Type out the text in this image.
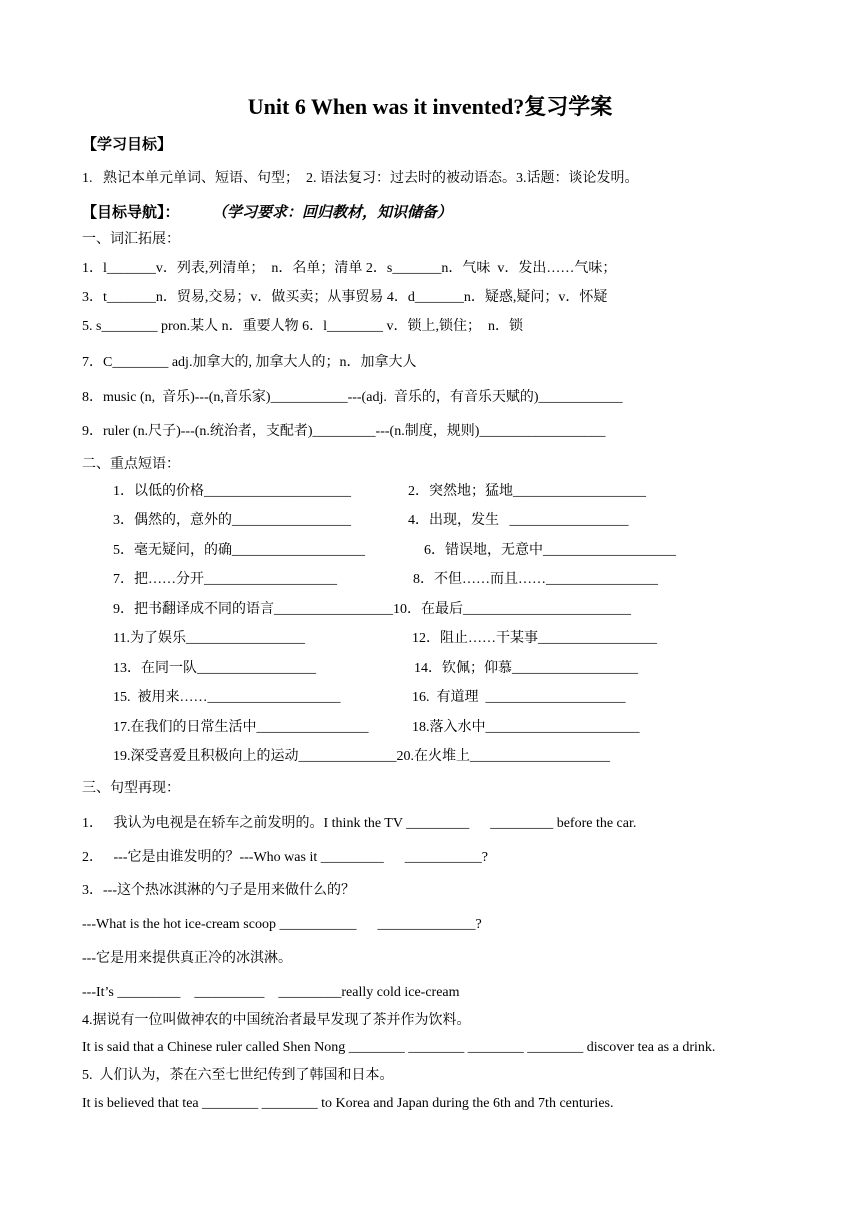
Unit 6 When was it invented?复习学案
【学习目标】
1.   熟记本单元单词、短语、句型；  2. 语法复习：过去时的被动语态。3.话题：谈论发明。
【目标导航】： （学习要求：回归教材，知识储备）
一、词汇拓展：
1．l_______v．列表,列清单；  n．名单；清单 2．s_______n．气味  v．发出……气味；
3．t_______n．贸易,交易；v．做买卖；从事贸易 4．d_______n．疑惑,疑问；v．怀疑
5. s________ pron.某人 n．重要人物 6．l________ v．锁上,锁住；  n．锁
7．C________ adj.加拿大的, 加拿大人的；n．加拿大人
8．music (n,  音乐)---(n,音乐家)___________---(adj.  音乐的，有音乐天赋的)____________
9．ruler (n.尺子)---(n.统治者，支配者)_________---(n.制度，规则)__________________
二、重点短语：
1．以低的价格_____________________	2．突然地；猛地___________________
3．偶然的，意外的_________________	4．出现，发生   _________________
5．毫无疑问，的确___________________	6．错误地，无意中___________________
7．把……分开___________________	8．不但……而且……________________
9．把书翻译成不同的语言_________________10．在最后________________________
11.为了娱乐_________________	12．阻止……干某事_________________
13．在同一队_________________	14．钦佩；仰慕__________________
15.  被用来……___________________	16.  有道理  ____________________
17.在我们的日常生活中________________	18.落入水中______________________
19.深受喜爱且积极向上的运动______________20.在火堆上____________________
三、句型再现：
1．   我认为电视是在轿车之前发明的。I think the TV _________      _________ before the car.
2．   ---它是由谁发明的？---Who was it _________      ___________?
3．---这个热冰淇淋的勺子是用来做什么的？
---What is the hot ice-cream scoop ___________      ______________?
---它是用来提供真正冷的冰淇淋。
---It’s _________    __________    _________really cold ice-cream
4.据说有一位叫做神农的中国统治者最早发现了茶并作为饮料。
It is said that a Chinese ruler called Shen Nong ________ ________ ________ ________ discover tea as a drink.
5.  人们认为，茶在六至七世纪传到了韩国和日本。
It is believed that tea ________ ________ to Korea and Japan during the 6th and 7th centuries.
